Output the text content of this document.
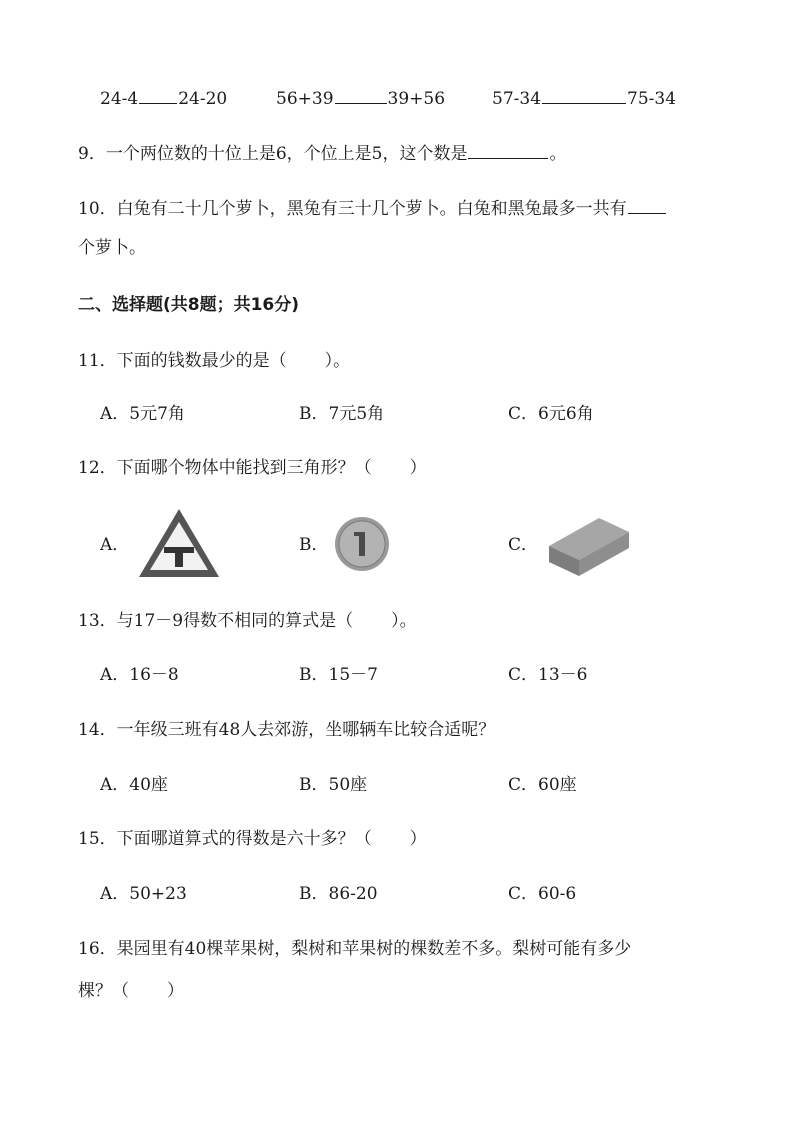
24-4 24-20	56+39	39+56	57-34	75-34
9．一个两位数的十位上是6，个位上是5，这个数是	。
10．白兔有二十几个萝卜，黑兔有三十几个萝卜。白兔和黑兔最多一共有
个萝卜。
二、选择题(共8题；共16分)
11．下面的钱数最少的是（ ）。
A．5元7角	B．7元5角	C．6元6角
12．下面哪个物体中能找到三角形？（ ）
A．	B．	C．
13．与17－9得数不相同的算式是（ ）。
A．16－8	B．15－7	C．13－6
14．一年级三班有48人去郊游，坐哪辆车比较合适呢？
A．40座	B．50座	C．60座
15．下面哪道算式的得数是六十多？（ ）
A．50+23	B．86-20	C．60-6
16．果园里有40棵苹果树，梨树和苹果树的棵数差不多。梨树可能有多少
棵？（ ）
